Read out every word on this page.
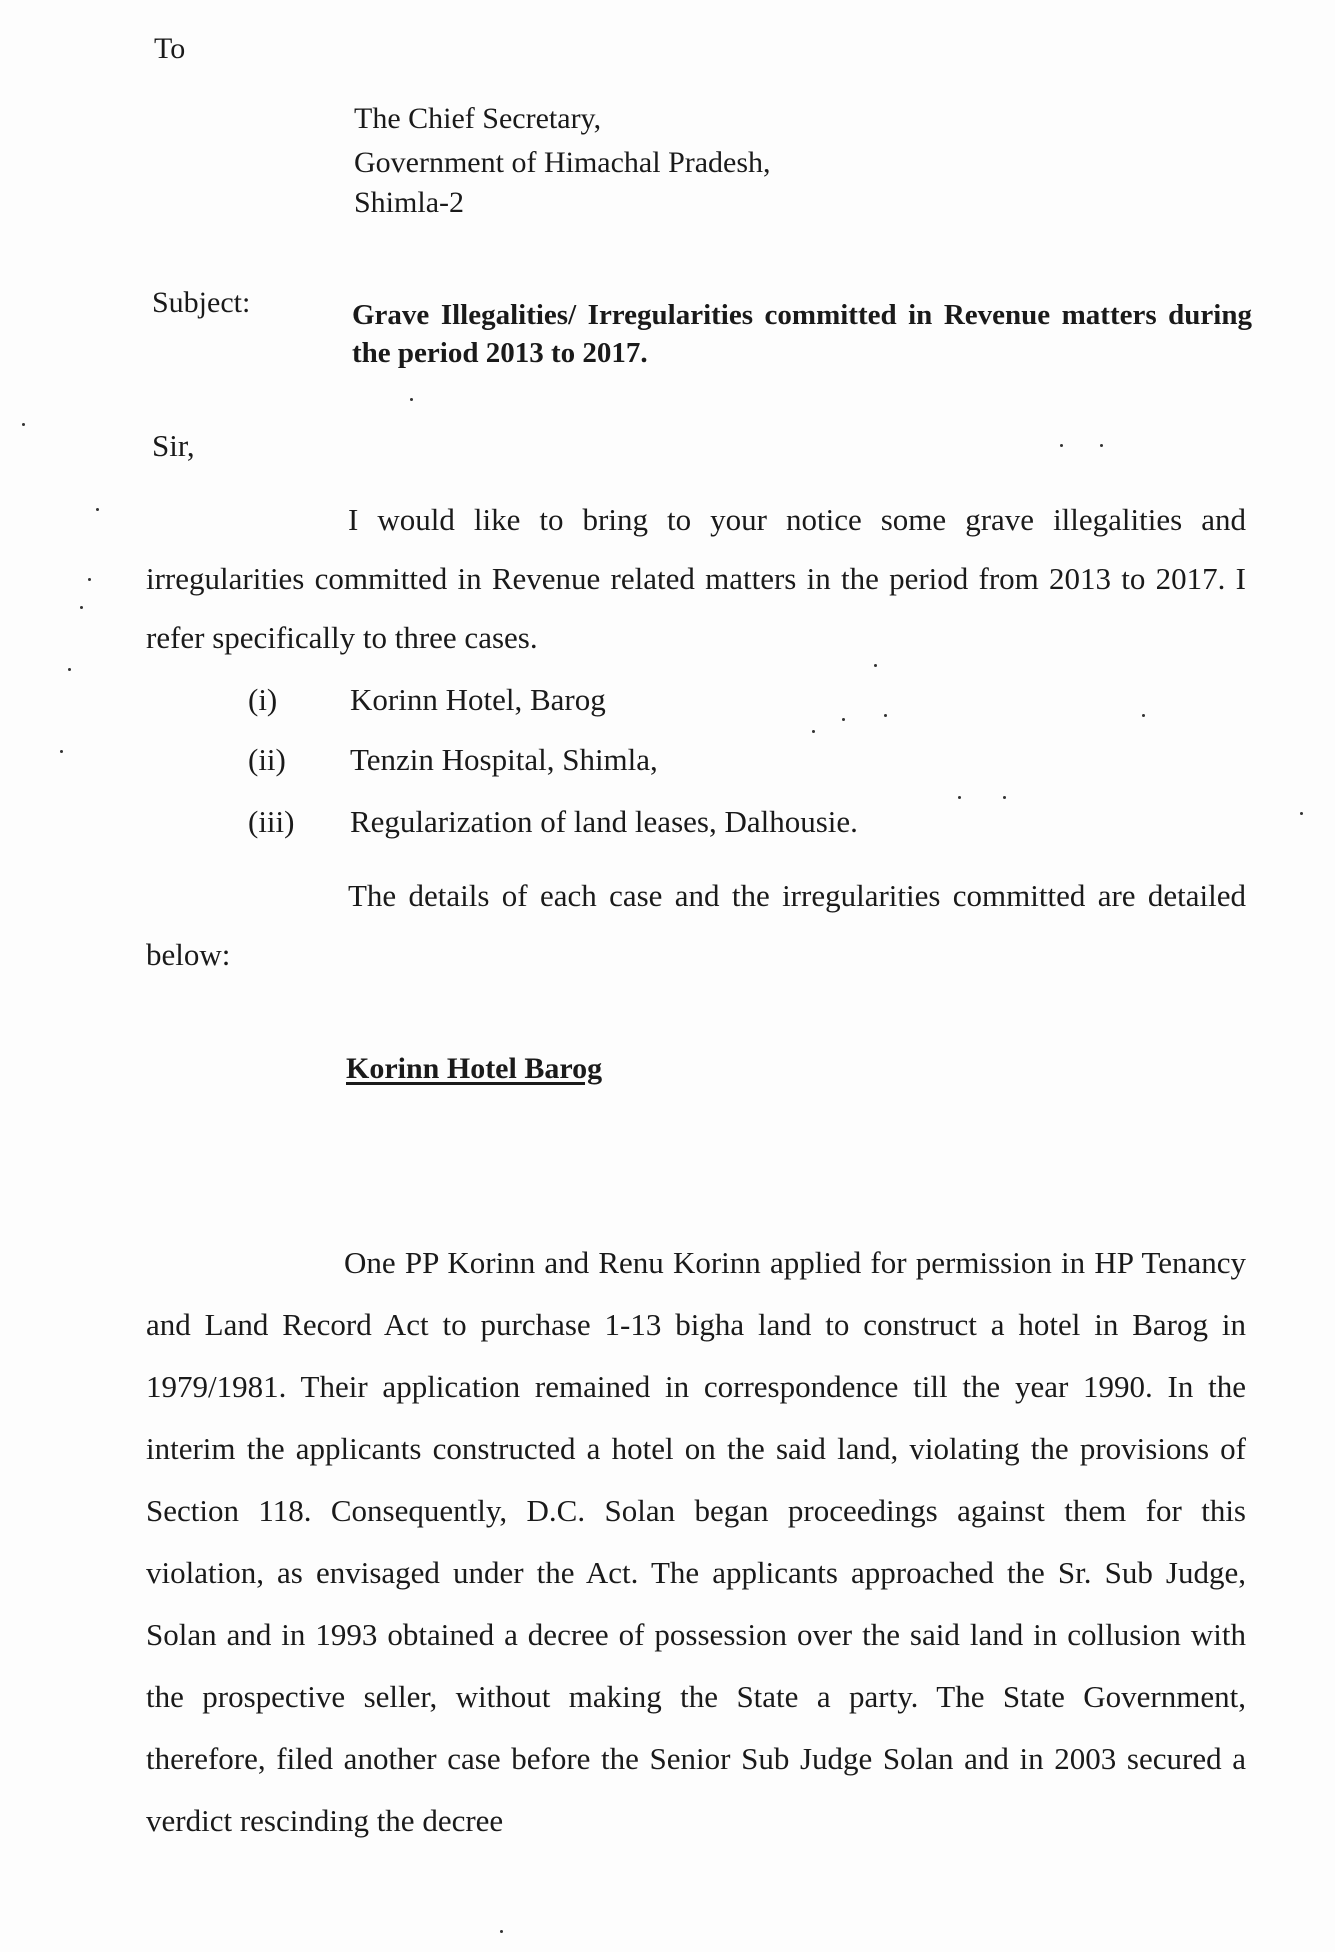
To
The Chief Secretary,
Government of Himachal Pradesh,
Shimla-2
Subject:	Grave Illegalities/ Irregularities committed in Revenue matters during the period 2013 to 2017.
Sir,
I would like to bring to your notice some grave illegalities and irregularities committed in Revenue related matters in the period from 2013 to 2017. I refer specifically to three cases.
(i) Korinn Hotel, Barog
(ii) Tenzin Hospital, Shimla,
(iii) Regularization of land leases, Dalhousie.
The details of each case and the irregularities committed are detailed below:
Korinn Hotel Barog
One PP Korinn and Renu Korinn applied for permission in HP Tenancy and Land Record Act to purchase 1-13 bigha land to construct a hotel in Barog in 1979/1981. Their application remained in correspondence till the year 1990. In the interim the applicants constructed a hotel on the said land, violating the provisions of Section 118. Consequently, D.C. Solan began proceedings against them for this violation, as envisaged under the Act. The applicants approached the Sr. Sub Judge, Solan and in 1993 obtained a decree of possession over the said land in collusion with the prospective seller, without making the State a party. The State Government, therefore, filed another case before the Senior Sub Judge Solan and in 2003 secured a verdict rescinding the decree
